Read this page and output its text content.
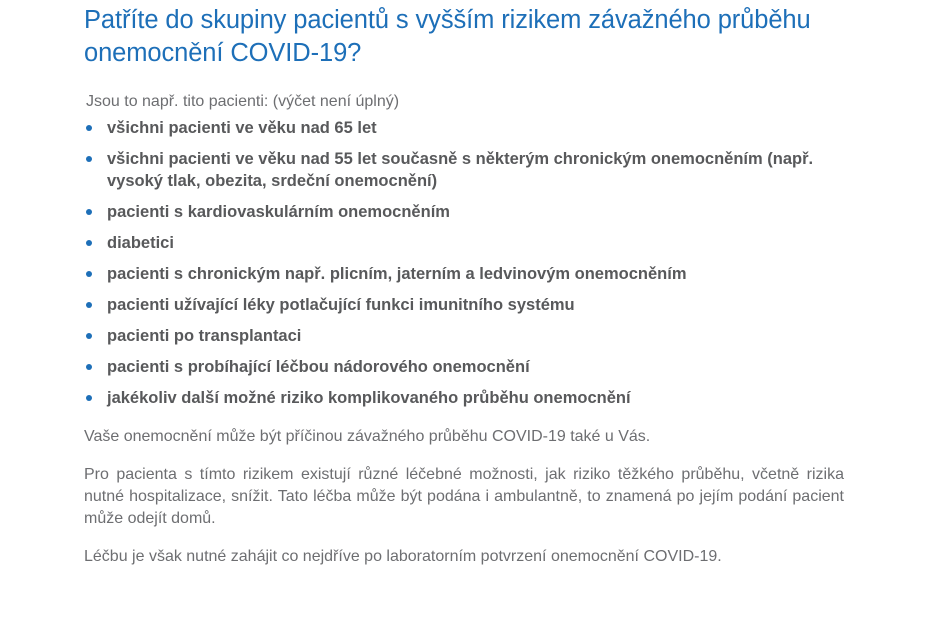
Patříte do skupiny pacientů s vyšším rizikem závažného průběhu onemocnění COVID-19?

Jsou to např. tito pacienti: (výčet není úplný)

všichni pacienti ve věku nad 65 let
všichni pacienti ve věku nad 55 let současně s některým chronickým onemocněním (např. vysoký tlak, obezita, srdeční onemocnění)
pacienti s kardiovaskulárním onemocněním
diabetici
pacienti s chronickým např. plicním, jaterním a ledvinovým onemocněním
pacienti užívající léky potlačující funkci imunitního systému
pacienti po transplantaci
pacienti s probíhající léčbou nádorového onemocnění
jakékoliv další možné riziko komplikovaného průběhu onemocnění

Vaše onemocnění může být příčinou závažného průběhu COVID-19 také u Vás.

Pro pacienta s tímto rizikem existují různé léčebné možnosti, jak riziko těžkého průběhu, včetně rizika nutné hospitalizace, snížit. Tato léčba může být podána i ambulantně, to znamená po jejím podání pacient může odejít domů.

Léčbu je však nutné zahájit co nejdříve po laboratorním potvrzení onemocnění COVID-19.
